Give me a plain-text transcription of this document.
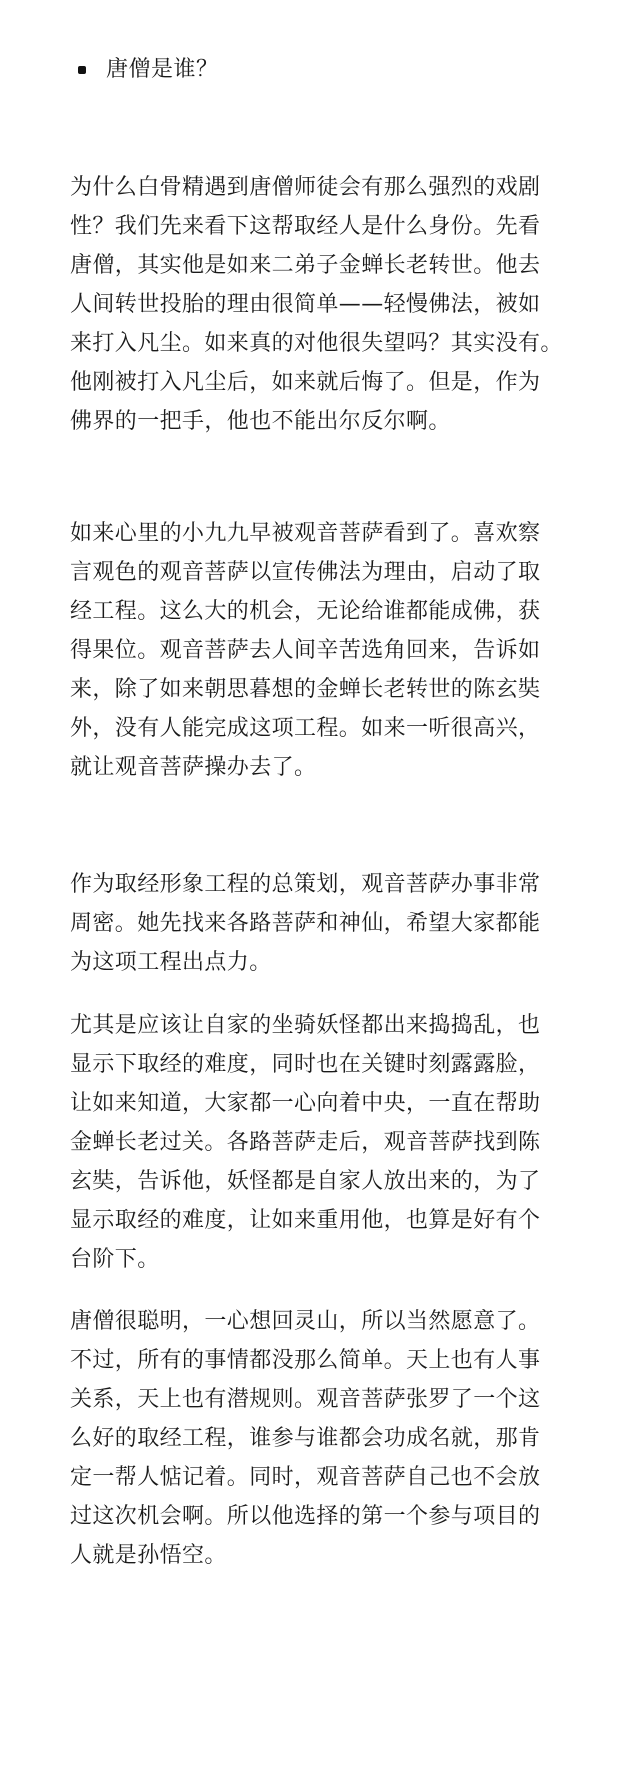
唐僧是谁？

为什么白骨精遇到唐僧师徒会有那么强烈的戏剧
性？我们先来看下这帮取经人是什么身份。先看
唐僧，其实他是如来二弟子金蝉长老转世。他去
人间转世投胎的理由很简单——轻慢佛法，被如
来打入凡尘。如来真的对他很失望吗？其实没有。
他刚被打入凡尘后，如来就后悔了。但是，作为
佛界的一把手，他也不能出尔反尔啊。

如来心里的小九九早被观音菩萨看到了。喜欢察
言观色的观音菩萨以宣传佛法为理由，启动了取
经工程。这么大的机会，无论给谁都能成佛，获
得果位。观音菩萨去人间辛苦选角回来，告诉如
来，除了如来朝思暮想的金蝉长老转世的陈玄奘
外，没有人能完成这项工程。如来一听很高兴，
就让观音菩萨操办去了。

作为取经形象工程的总策划，观音菩萨办事非常
周密。她先找来各路菩萨和神仙，希望大家都能
为这项工程出点力。

尤其是应该让自家的坐骑妖怪都出来捣捣乱，也
显示下取经的难度，同时也在关键时刻露露脸，
让如来知道，大家都一心向着中央，一直在帮助
金蝉长老过关。各路菩萨走后，观音菩萨找到陈
玄奘，告诉他，妖怪都是自家人放出来的，为了
显示取经的难度，让如来重用他，也算是好有个
台阶下。

唐僧很聪明，一心想回灵山，所以当然愿意了。
不过，所有的事情都没那么简单。天上也有人事
关系，天上也有潜规则。观音菩萨张罗了一个这
么好的取经工程，谁参与谁都会功成名就，那肯
定一帮人惦记着。同时，观音菩萨自己也不会放
过这次机会啊。所以他选择的第一个参与项目的
人就是孙悟空。
